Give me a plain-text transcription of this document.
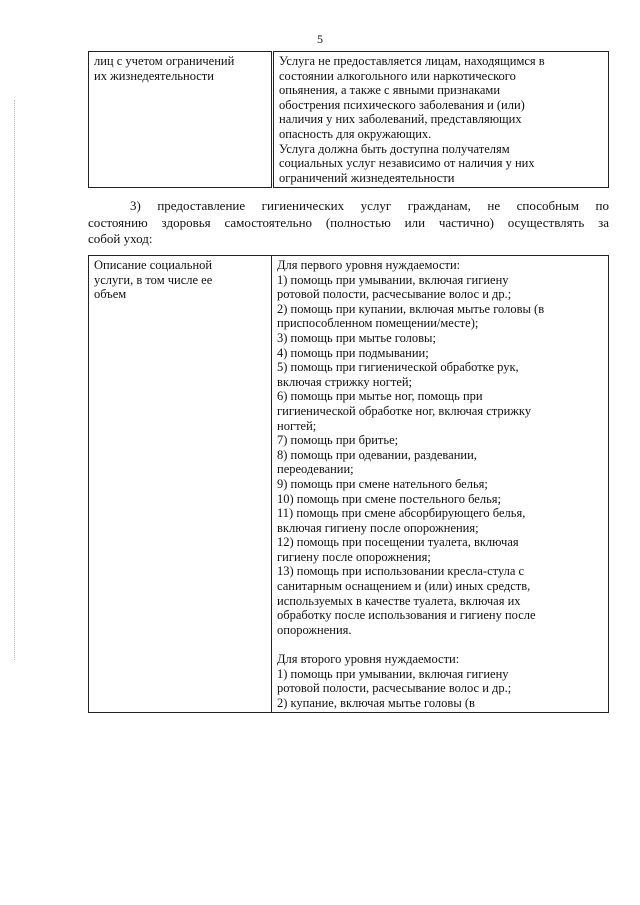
5
лиц с учетом ограничений
их жизнедеятельности

Услуга не предоставляется лицам, находящимся в
состоянии алкогольного или наркотического
опьянения, а также с явными признаками
обострения психического заболевания и (или)
наличия у них заболеваний, представляющих
опасность для окружающих.
Услуга должна быть доступна получателям
социальных услуг независимо от наличия у них
ограничений жизнедеятельности
3) предоставление гигиенических услуг гражданам, не способным по
состоянию здоровья самостоятельно (полностью или частично) осуществлять за
собой уход:
Описание социальной
услуги, в том числе ее
объем

Для первого уровня нуждаемости:
1) помощь при умывании, включая гигиену
ротовой полости, расчесывание волос и др.;
2) помощь при купании, включая мытье головы (в
приспособленном помещении/месте);
3) помощь при мытье головы;
4) помощь при подмывании;
5) помощь при гигиенической обработке рук,
включая стрижку ногтей;
6) помощь при мытье ног, помощь при
гигиенической обработке ног, включая стрижку
ногтей;
7) помощь при бритье;
8) помощь при одевании, раздевании,
переодевании;
9) помощь при смене нательного белья;
10) помощь при смене постельного белья;
11) помощь при смене абсорбирующего белья,
включая гигиену после опорожнения;
12) помощь при посещении туалета, включая
гигиену после опорожнения;
13) помощь при использовании кресла-стула с
санитарным оснащением и (или) иных средств,
используемых в качестве туалета, включая их
обработку после использования и гигиену после
опорожнения.
Для второго уровня нуждаемости:
1) помощь при умывании, включая гигиену
ротовой полости, расчесывание волос и др.;
2) купание, включая мытье головы (в
